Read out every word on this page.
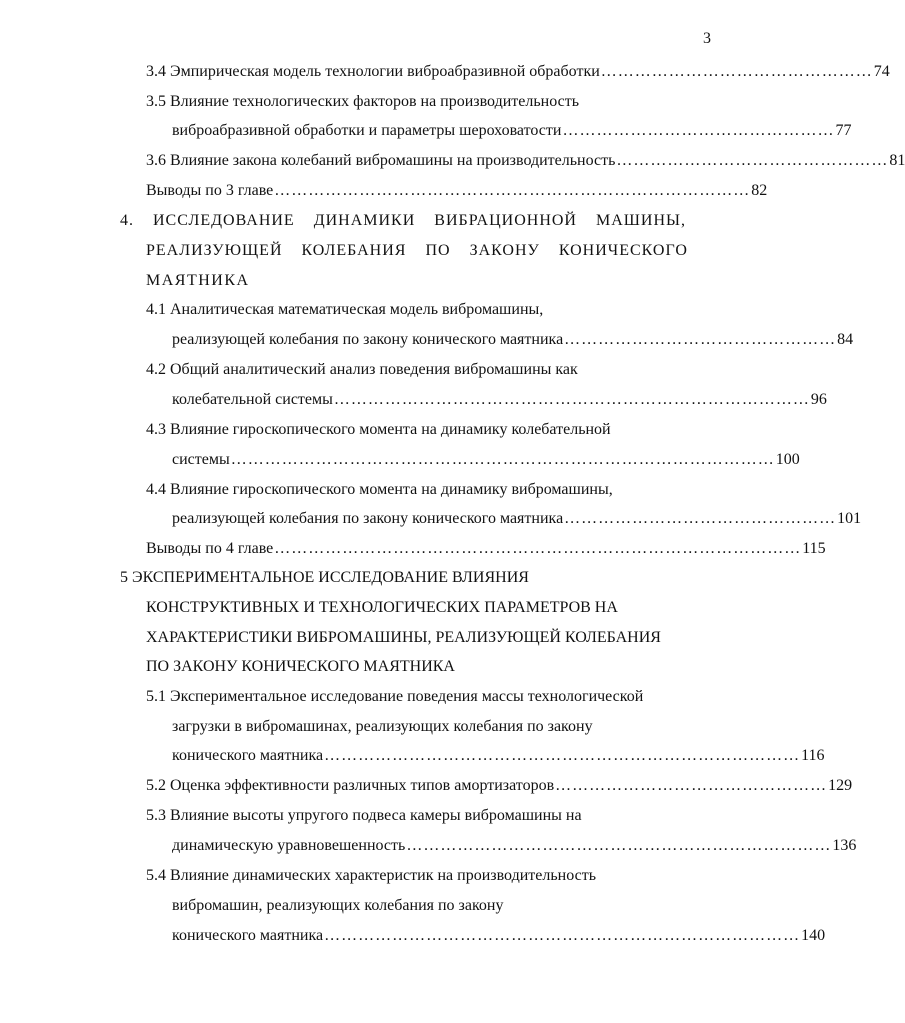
3
3.4 Эмпирическая модель технологии виброабразивной обработки ………………………………………… 74
3.5 Влияние технологических факторов на производительность
виброабразивной обработки и параметры шероховатости ………………………………………… 77
3.6 Влияние закона колебаний вибромашины на производительность ………………………………………… 81
Выводы по 3 главе ………………………………………………………………………… 82
4. ИССЛЕДОВАНИЕ ДИНАМИКИ ВИБРАЦИОННОЙ МАШИНЫ,
РЕАЛИЗУЮЩЕЙ КОЛЕБАНИЯ ПО ЗАКОНУ КОНИЧЕСКОГО
МАЯТНИКА
4.1 Аналитическая математическая модель вибромашины,
реализующей колебания по закону конического маятника ………………………………………… 84
4.2 Общий аналитический анализ поведения вибромашины как
колебательной системы ………………………………………………………………………… 96
4.3 Влияние гироскопического момента на динамику колебательной
системы …………………………………………………………………………………… 100
4.4 Влияние гироскопического момента на динамику вибромашины,
реализующей колебания по закону конического маятника ………………………………………… 101
Выводы по 4 главе ………………………………………………………………………………… 115
5 ЭКСПЕРИМЕНТАЛЬНОЕ ИССЛЕДОВАНИЕ ВЛИЯНИЯ
КОНСТРУКТИВНЫХ И ТЕХНОЛОГИЧЕСКИХ ПАРАМЕТРОВ НА
ХАРАКТЕРИСТИКИ ВИБРОМАШИНЫ, РЕАЛИЗУЮЩЕЙ КОЛЕБАНИЯ
ПО ЗАКОНУ КОНИЧЕСКОГО МАЯТНИКА
5.1 Экспериментальное исследование поведения массы технологической
загрузки в вибромашинах, реализующих колебания по закону
конического маятника ………………………………………………………………………… 116
5.2 Оценка эффективности различных типов амортизаторов ………………………………………… 129
5.3 Влияние высоты упругого подвеса камеры вибромашины на
динамическую уравновешенность ………………………………………………………………… 136
5.4 Влияние динамических характеристик на производительность
вибромашин, реализующих колебания по закону
конического маятника ………………………………………………………………………… 140
